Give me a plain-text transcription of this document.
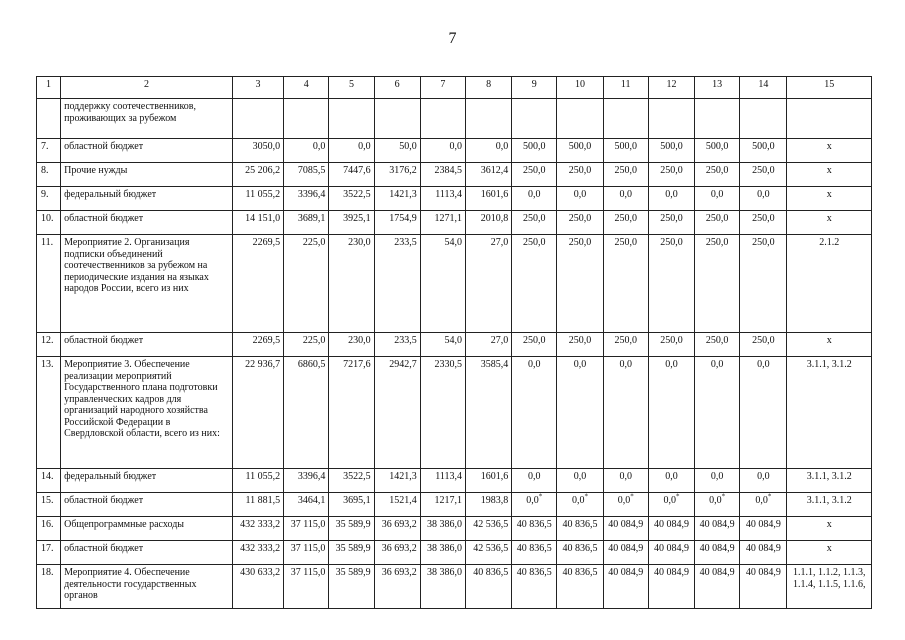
7
1	2	3	4	5	6	7	8	9	10	11	12	13	14	15
	поддержку соотечественников, проживающих за рубежом													
7.	областной бюджет	3050,0	0,0	0,0	50,0	0,0	0,0	500,0	500,0	500,0	500,0	500,0	500,0	x
8.	Прочие нужды	25 206,2	7085,5	7447,6	3176,2	2384,5	3612,4	250,0	250,0	250,0	250,0	250,0	250,0	x
9.	федеральный бюджет	11 055,2	3396,4	3522,5	1421,3	1113,4	1601,6	0,0	0,0	0,0	0,0	0,0	0,0	x
10.	областной бюджет	14 151,0	3689,1	3925,1	1754,9	1271,1	2010,8	250,0	250,0	250,0	250,0	250,0	250,0	x
11.	Мероприятие 2. Организация подписки объединений соотечественников за рубежом на периодические издания на языках народов России, всего из них	2269,5	225,0	230,0	233,5	54,0	27,0	250,0	250,0	250,0	250,0	250,0	250,0	2.1.2
12.	областной бюджет	2269,5	225,0	230,0	233,5	54,0	27,0	250,0	250,0	250,0	250,0	250,0	250,0	x
13.	Мероприятие 3. Обеспечение реализации мероприятий Государственного плана подготовки управленческих кадров для организаций народного хозяйства Российской Федерации в Свердловской области, всего из них:	22 936,7	6860,5	7217,6	2942,7	2330,5	3585,4	0,0	0,0	0,0	0,0	0,0	0,0	3.1.1, 3.1.2
14.	федеральный бюджет	11 055,2	3396,4	3522,5	1421,3	1113,4	1601,6	0,0	0,0	0,0	0,0	0,0	0,0	3.1.1, 3.1.2
15.	областной бюджет	11 881,5	3464,1	3695,1	1521,4	1217,1	1983,8	0,0*	0,0*	0,0*	0,0*	0,0*	0,0*	3.1.1, 3.1.2
16.	Общепрограммные расходы	432 333,2	37 115,0	35 589,9	36 693,2	38 386,0	42 536,5	40 836,5	40 836,5	40 084,9	40 084,9	40 084,9	40 084,9	x
17.	областной бюджет	432 333,2	37 115,0	35 589,9	36 693,2	38 386,0	42 536,5	40 836,5	40 836,5	40 084,9	40 084,9	40 084,9	40 084,9	x
18.	Мероприятие 4. Обеспечение деятельности государственных органов	430 633,2	37 115,0	35 589,9	36 693,2	38 386,0	40 836,5	40 836,5	40 836,5	40 084,9	40 084,9	40 084,9	40 084,9	1.1.1, 1.1.2, 1.1.3, 1.1.4, 1.1.5, 1.1.6,
